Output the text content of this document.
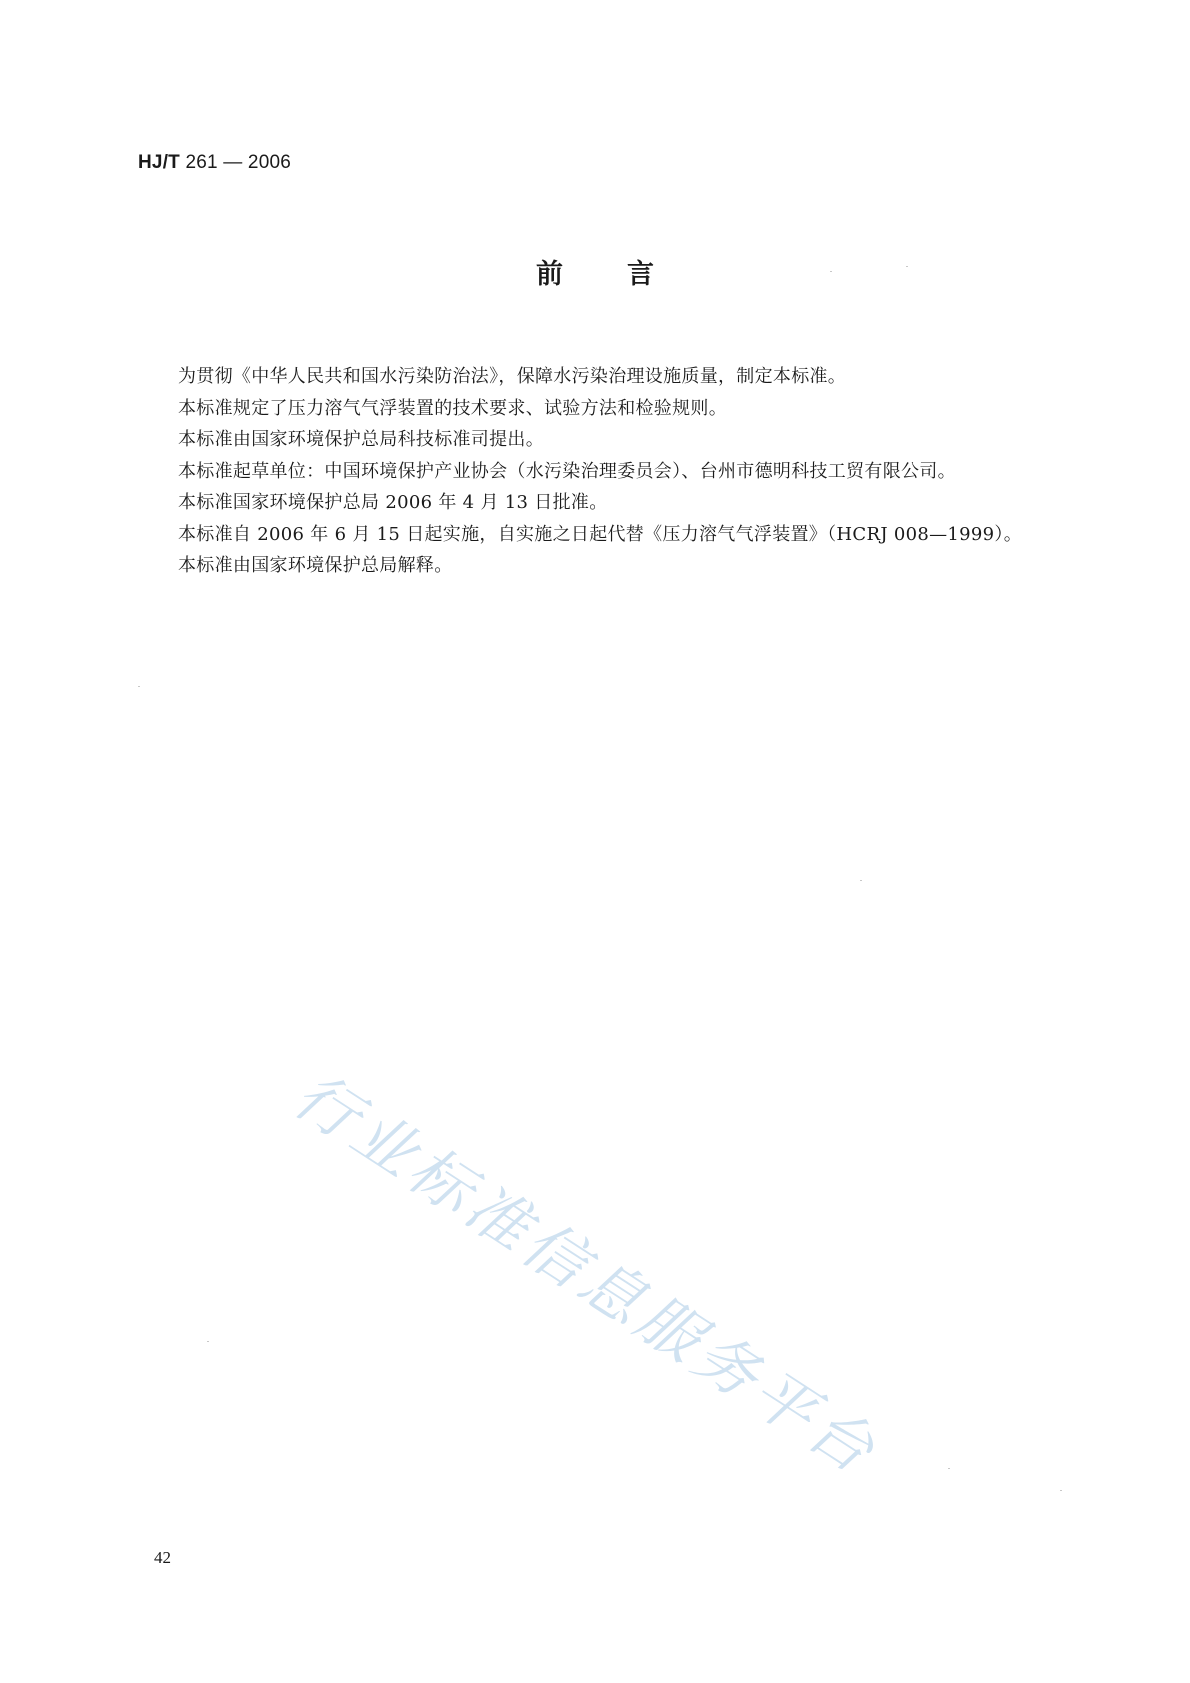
HJ/T 261 — 2006
前言
为贯彻《中华人民共和国水污染防治法》，保障水污染治理设施质量，制定本标准。
本标准规定了压力溶气气浮装置的技术要求、试验方法和检验规则。
本标准由国家环境保护总局科技标准司提出。
本标准起草单位：中国环境保护产业协会（水污染治理委员会）、台州市德明科技工贸有限公司。
本标准国家环境保护总局 2006 年 4 月 13 日批准。
本标准自 2006 年 6 月 15 日起实施，自实施之日起代替《压力溶气气浮装置》（HCRJ 008—1999）。
本标准由国家环境保护总局解释。
行业标准信息服务平台
42
